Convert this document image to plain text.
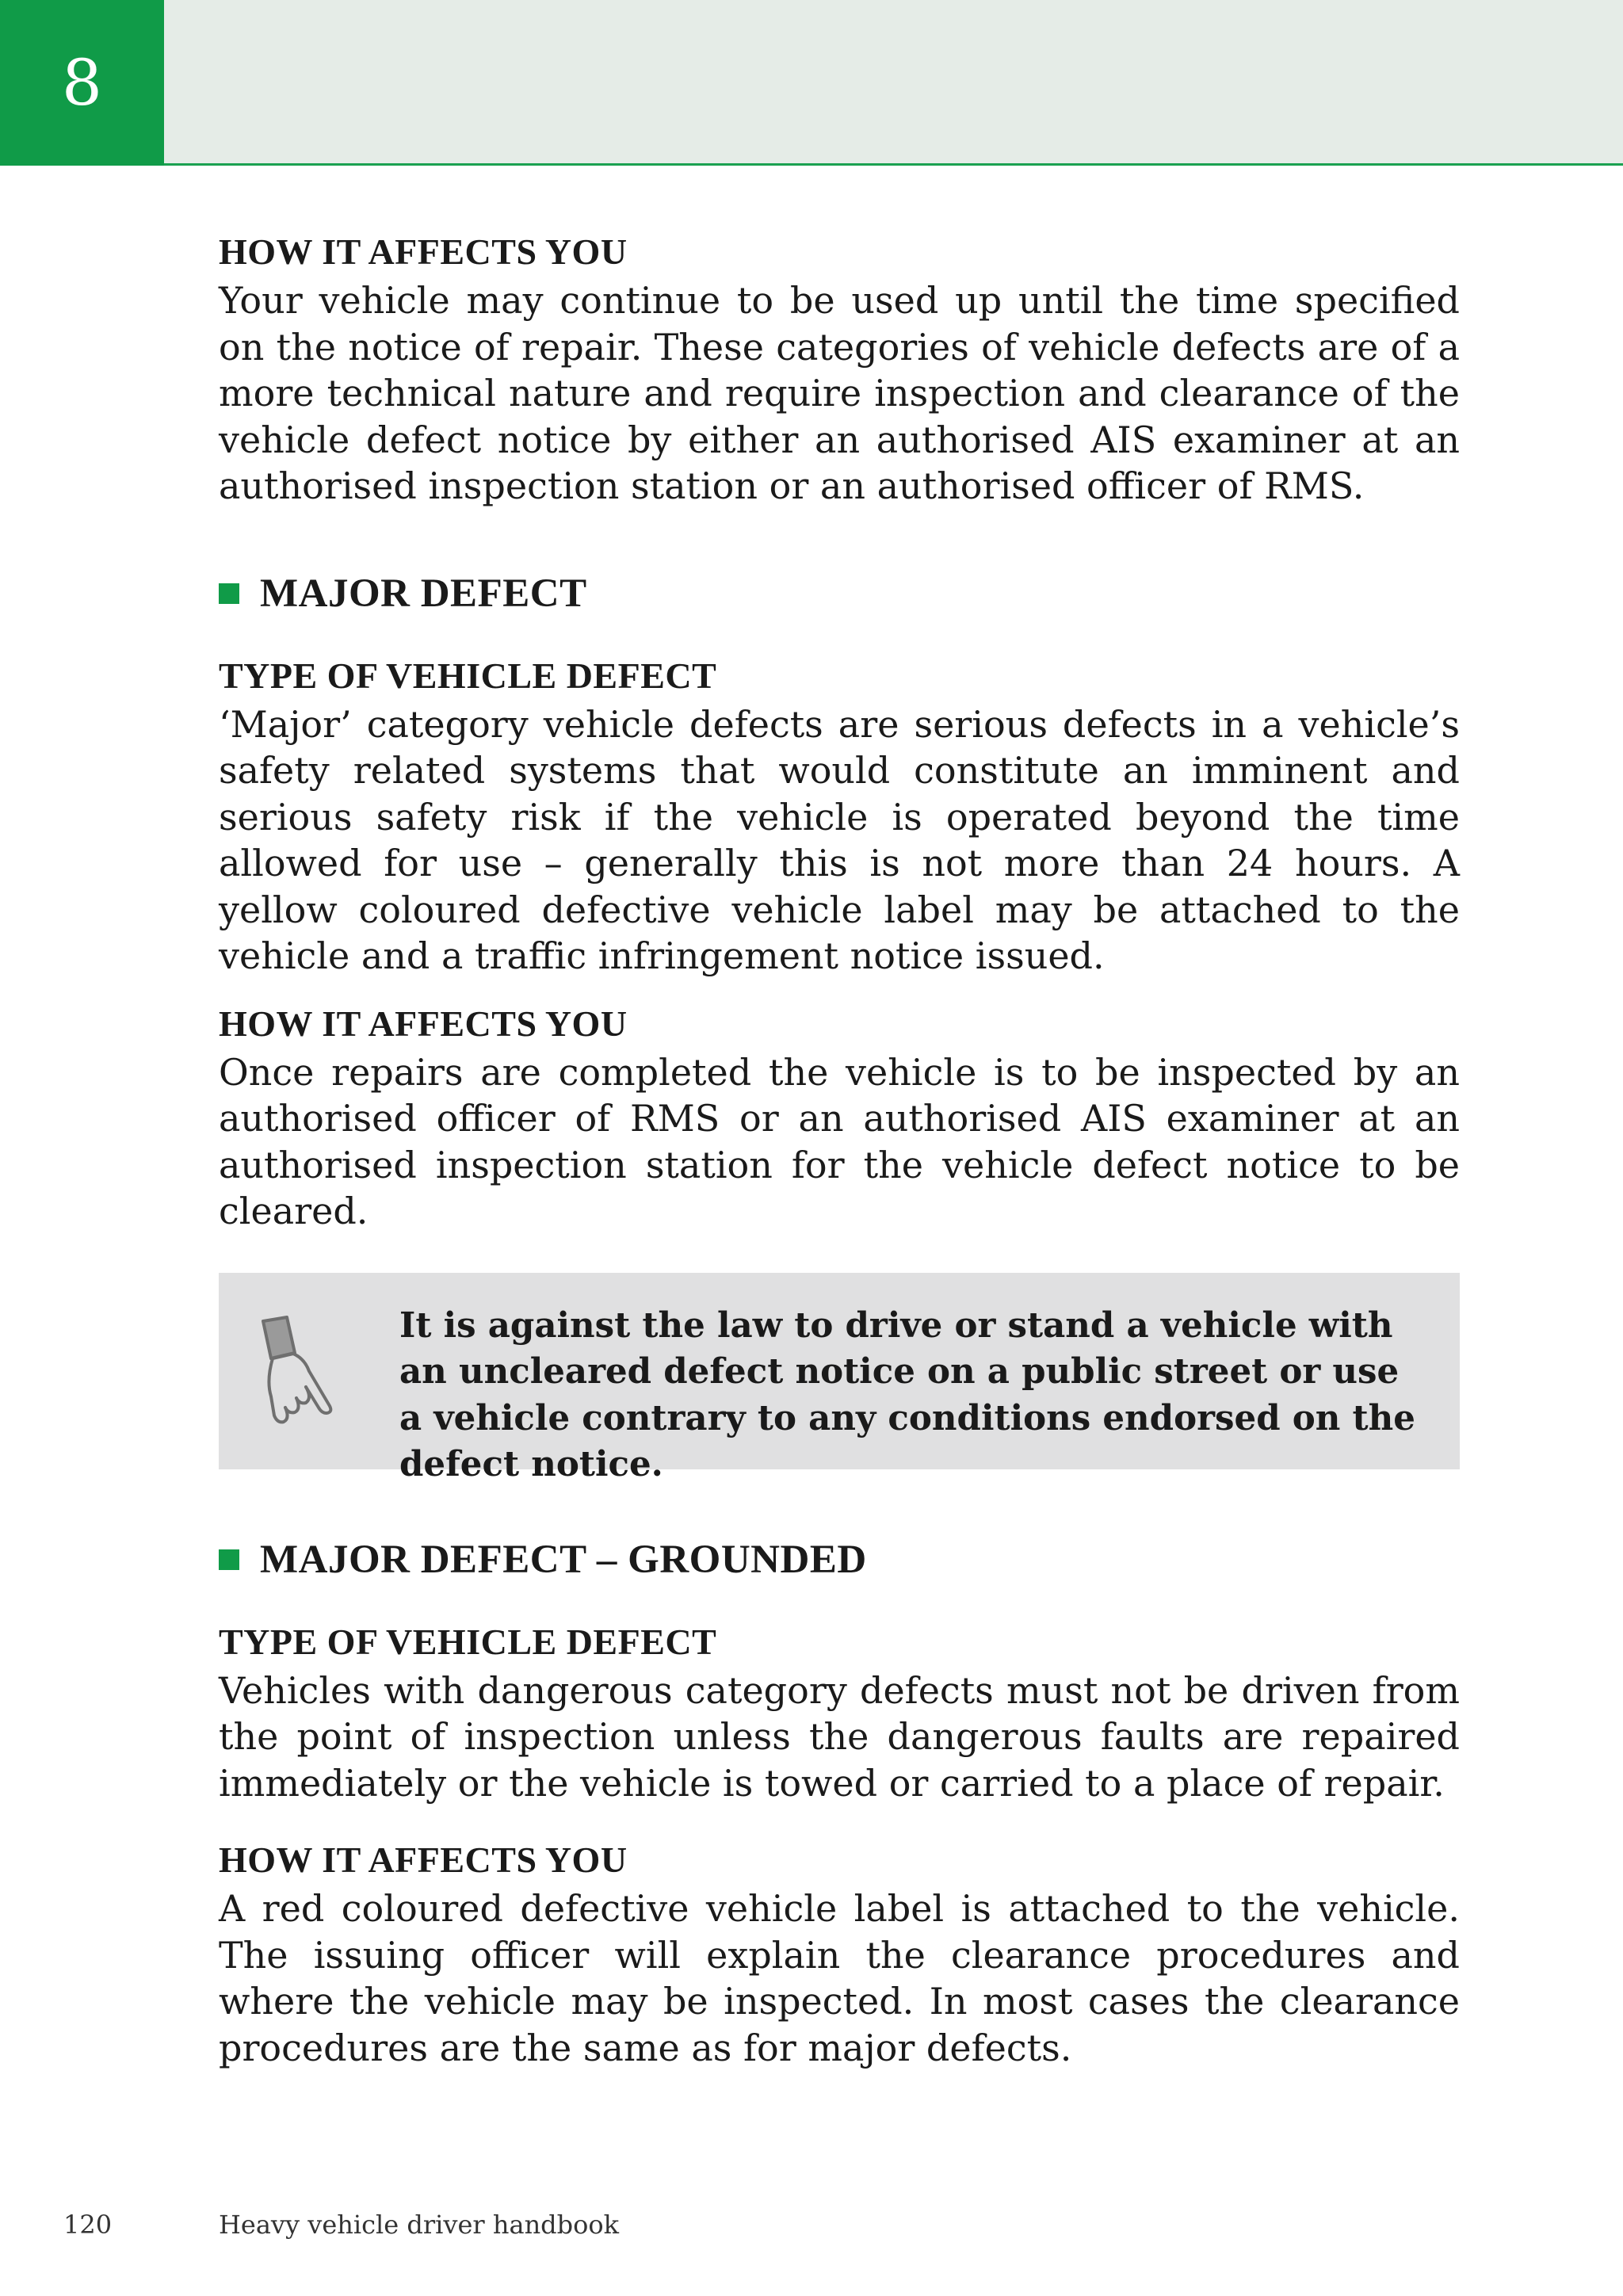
8

HOW IT AFFECTS YOU

Your vehicle may continue to be used up until the time specified on the notice of repair. These categories of vehicle defects are of a more technical nature and require inspection and clearance of the vehicle defect notice by either an authorised AIS examiner at an authorised inspection station or an authorised officer of RMS.

MAJOR DEFECT

TYPE OF VEHICLE DEFECT

‘Major’ category vehicle defects are serious defects in a vehicle’s safety related systems that would constitute an imminent and serious safety risk if the vehicle is operated beyond the time allowed for use – generally this is not more than 24 hours. A yellow coloured defective vehicle label may be attached to the vehicle and a traffic infringement notice issued.

HOW IT AFFECTS YOU

Once repairs are completed the vehicle is to be inspected by an authorised officer of RMS or an authorised AIS examiner at an authorised inspection station for the vehicle defect notice to be cleared.

It is against the law to drive or stand a vehicle with an uncleared defect notice on a public street or use a vehicle contrary to any conditions endorsed on the defect notice.
MAJOR DEFECT – GROUNDED

TYPE OF VEHICLE DEFECT

Vehicles with dangerous category defects must not be driven from the point of inspection unless the dangerous faults are repaired immediately or the vehicle is towed or carried to a place of repair.

HOW IT AFFECTS YOU

A red coloured defective vehicle label is attached to the vehicle. The issuing officer will explain the clearance procedures and where the vehicle may be inspected. In most cases the clearance procedures are the same as for major defects.

120	Heavy vehicle driver handbook
